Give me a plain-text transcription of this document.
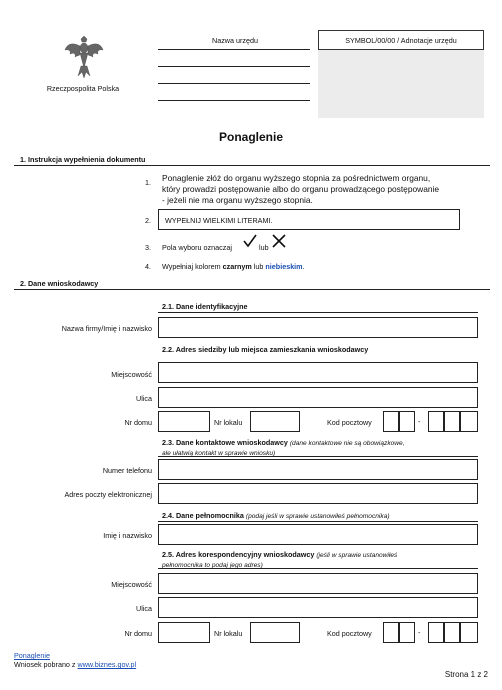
Rzeczpospolita Polska
Nazwa urzędu	SYMBOL/00/00 / Adnotacje urzędu
Ponaglenie
1. Instrukcja wypełnienia dokumentu
1. Ponaglenie złóż do organu wyższego stopnia za pośrednictwem organu,
który prowadzi postępowanie albo do organu prowadzącego postępowanie
- jeżeli nie ma organu wyższego stopnia.
2. WYPEŁNIJ WIELKIMI LITERAMI.
3. Pola wyboru oznaczaj	lub
4. Wypełniaj kolorem czarnym lub niebieskim.
2. Dane wnioskodawcy
2.1. Dane identyfikacyjne
Nazwa firmy/Imię i nazwisko
2.2. Adres siedziby lub miejsca zamieszkania wnioskodawcy
Miejscowość
Ulica
Nr domu	Nr lokalu	Kod pocztowy	-
2.3. Dane kontaktowe wnioskodawcy (dane kontaktowe nie są obowiązkowe,
ale ułatwią kontakt w sprawie wniosku)
Numer telefonu
Adres poczty elektronicznej
2.4. Dane pełnomocnika (podaj jeśli w sprawie ustanowiłeś pełnomocnika)
Imię i nazwisko
2.5. Adres korespondencyjny wnioskodawcy (jeśli w sprawie ustanowiłeś
pełnomocnika to podaj jego adres)
Miejscowość
Ulica
Nr domu	Nr lokalu	Kod pocztowy	-
Ponaglenie
Wniosek pobrano z www.biznes.gov.pl
Strona 1 z 2
